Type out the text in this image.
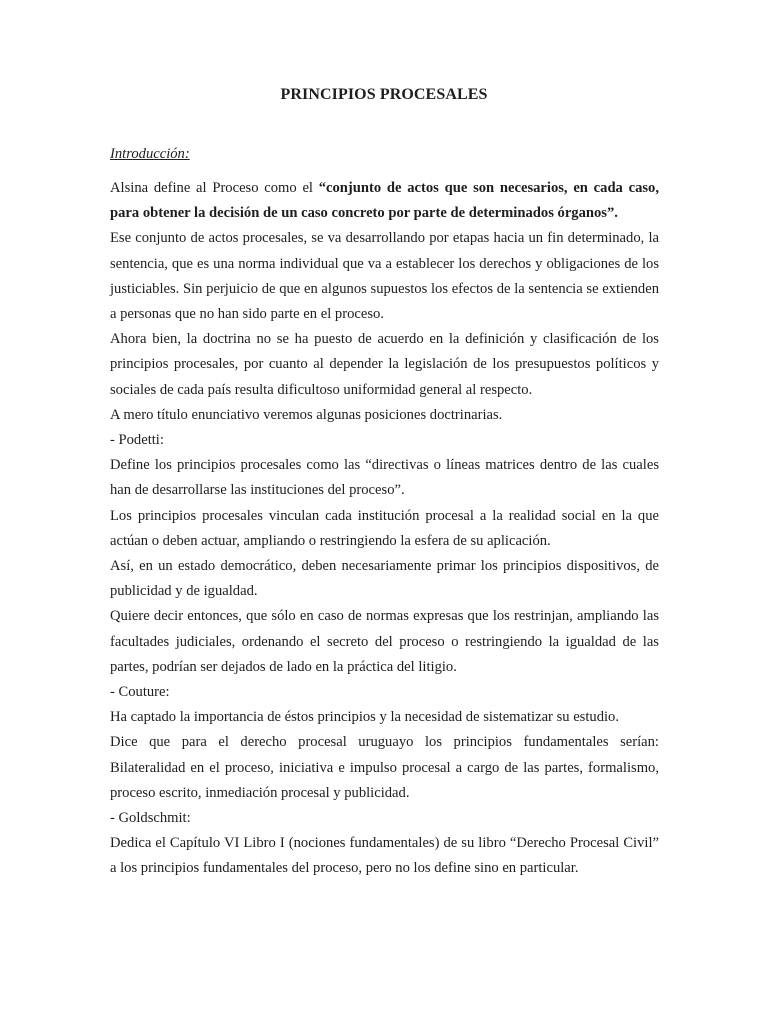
PRINCIPIOS PROCESALES

Introducción:

Alsina define al Proceso como el “conjunto de actos que son necesarios, en cada caso, para obtener la decisión de un caso concreto por parte de determinados órganos”.

Ese conjunto de actos procesales, se va desarrollando por etapas hacia un fin determinado, la sentencia, que es una norma individual que va a establecer los derechos y obligaciones de los justiciables. Sin perjuicio de que en algunos supuestos los efectos de la sentencia se extienden a personas que no han sido parte en el proceso.

Ahora bien, la doctrina no se ha puesto de acuerdo en la definición y clasificación de los principios procesales, por cuanto al depender la legislación de los presupuestos políticos y sociales de cada país resulta dificultoso uniformidad general al respecto.

A mero título enunciativo veremos algunas posiciones doctrinarias.

- Podetti:

Define los principios procesales como las “directivas o líneas matrices dentro de las cuales han de desarrollarse las instituciones del proceso”.

Los principios procesales vinculan cada institución procesal a la realidad social en la que actúan o deben actuar, ampliando o restringiendo la esfera de su aplicación.

Así, en un estado democrático, deben necesariamente primar los principios dispositivos, de publicidad y de igualdad.

Quiere decir entonces, que sólo en caso de normas expresas que los restrinjan, ampliando las facultades judiciales, ordenando el secreto del proceso o restringiendo la igualdad de las partes, podrían ser dejados de lado en la práctica del litigio.

- Couture:

Ha captado la importancia de éstos principios y la necesidad de sistematizar su estudio.

Dice que para el derecho procesal uruguayo los principios fundamentales serían: Bilateralidad en el proceso, iniciativa e impulso procesal a cargo de las partes, formalismo, proceso escrito, inmediación procesal y publicidad.

- Goldschmit:

Dedica el Capítulo VI Libro I (nociones fundamentales) de su libro “Derecho Procesal Civil” a los principios fundamentales del proceso, pero no los define sino en particular.
